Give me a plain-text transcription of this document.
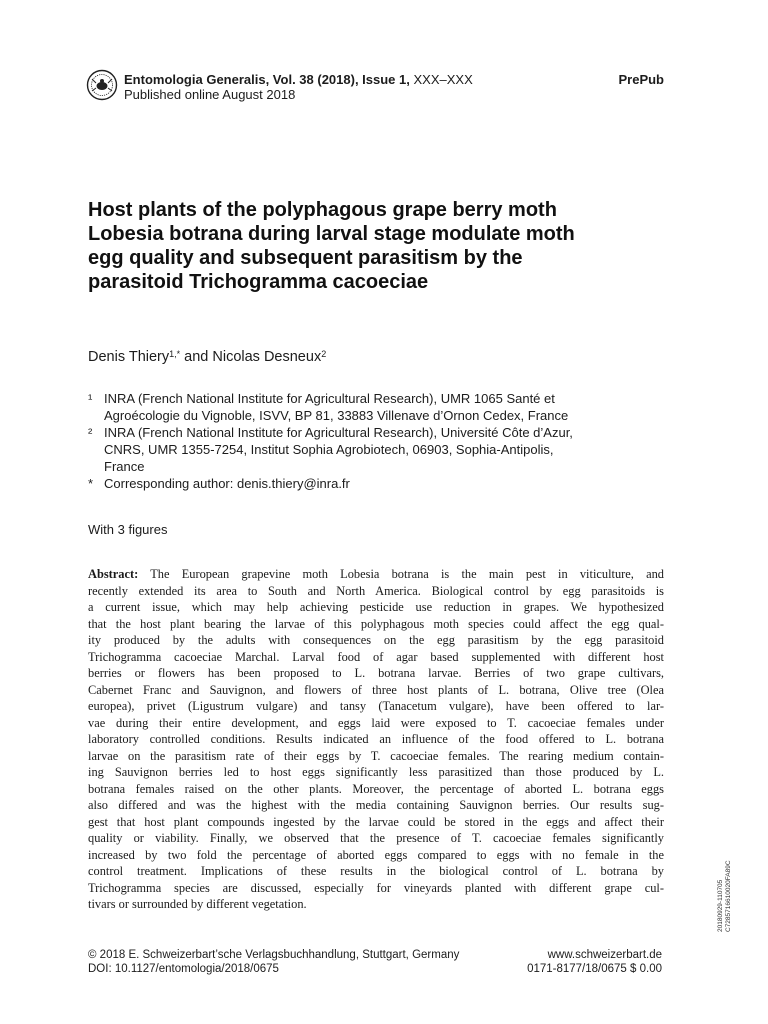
Entomologia Generalis, Vol. 38 (2018), Issue 1, XXX–XXX
Published online August 2018
PrePub
Host plants of the polyphagous grape berry moth
Lobesia botrana during larval stage modulate moth
egg quality and subsequent parasitism by the
parasitoid Trichogramma cacoeciae
Denis Thiery$^{1,*}$ and Nicolas Desneux$^2$
¹ INRA (French National Institute for Agricultural Research), UMR 1065 Santé et
Agroécologie du Vignoble, ISVV, BP 81, 33883 Villenave d’Ornon Cedex, France
² INRA (French National Institute for Agricultural Research), Université Côte d’Azur,
CNRS, UMR 1355-7254, Institut Sophia Agrobiotech, 06903, Sophia-Antipolis,
France
* Corresponding author: denis.thiery@inra.fr
With 3 figures
Abstract: The European grapevine moth Lobesia botrana is the main pest in viticulture, and
recently extended its area to South and North America. Biological control by egg parasitoids is
a current issue, which may help achieving pesticide use reduction in grapes. We hypothesized
that the host plant bearing the larvae of this polyphagous moth species could affect the egg qual-
ity produced by the adults with consequences on the egg parasitism by the egg parasitoid
Trichogramma cacoeciae Marchal. Larval food of agar based supplemented with different host
berries or flowers has been proposed to L. botrana larvae. Berries of two grape cultivars,
Cabernet Franc and Sauvignon, and flowers of three host plants of L. botrana, Olive tree (Olea
europea), privet (Ligustrum vulgare) and tansy (Tanacetum vulgare), have been offered to lar-
vae during their entire development, and eggs laid were exposed to T. cacoeciae females under
laboratory controlled conditions. Results indicated an influence of the food offered to L. botrana
larvae on the parasitism rate of their eggs by T. cacoeciae females. The rearing medium contain-
ing Sauvignon berries led to host eggs significantly less parasitized than those produced by L.
botrana females raised on the other plants. Moreover, the percentage of aborted L. botrana eggs
also differed and was the highest with the media containing Sauvignon berries. Our results sug-
gest that host plant compounds ingested by the larvae could be stored in the eggs and affect their
quality or viability. Finally, we observed that the presence of T. cacoeciae females significantly
increased by two fold the percentage of aborted eggs compared to eggs with no female in the
control treatment. Implications of these results in the biological control of L. botrana by
Trichogramma species are discussed, especially for vineyards planted with different grape cul-
tivars or surrounded by different vegetation.	20180929-110705 C7285716610020FA89C
© 2018 E. Schweizerbart’sche Verlagsbuchhandlung, Stuttgart, Germany
DOI: 10.1127/entomologia/2018/0675
www.schweizerbart.de
0171-8177/18/0675 $ 0.00
